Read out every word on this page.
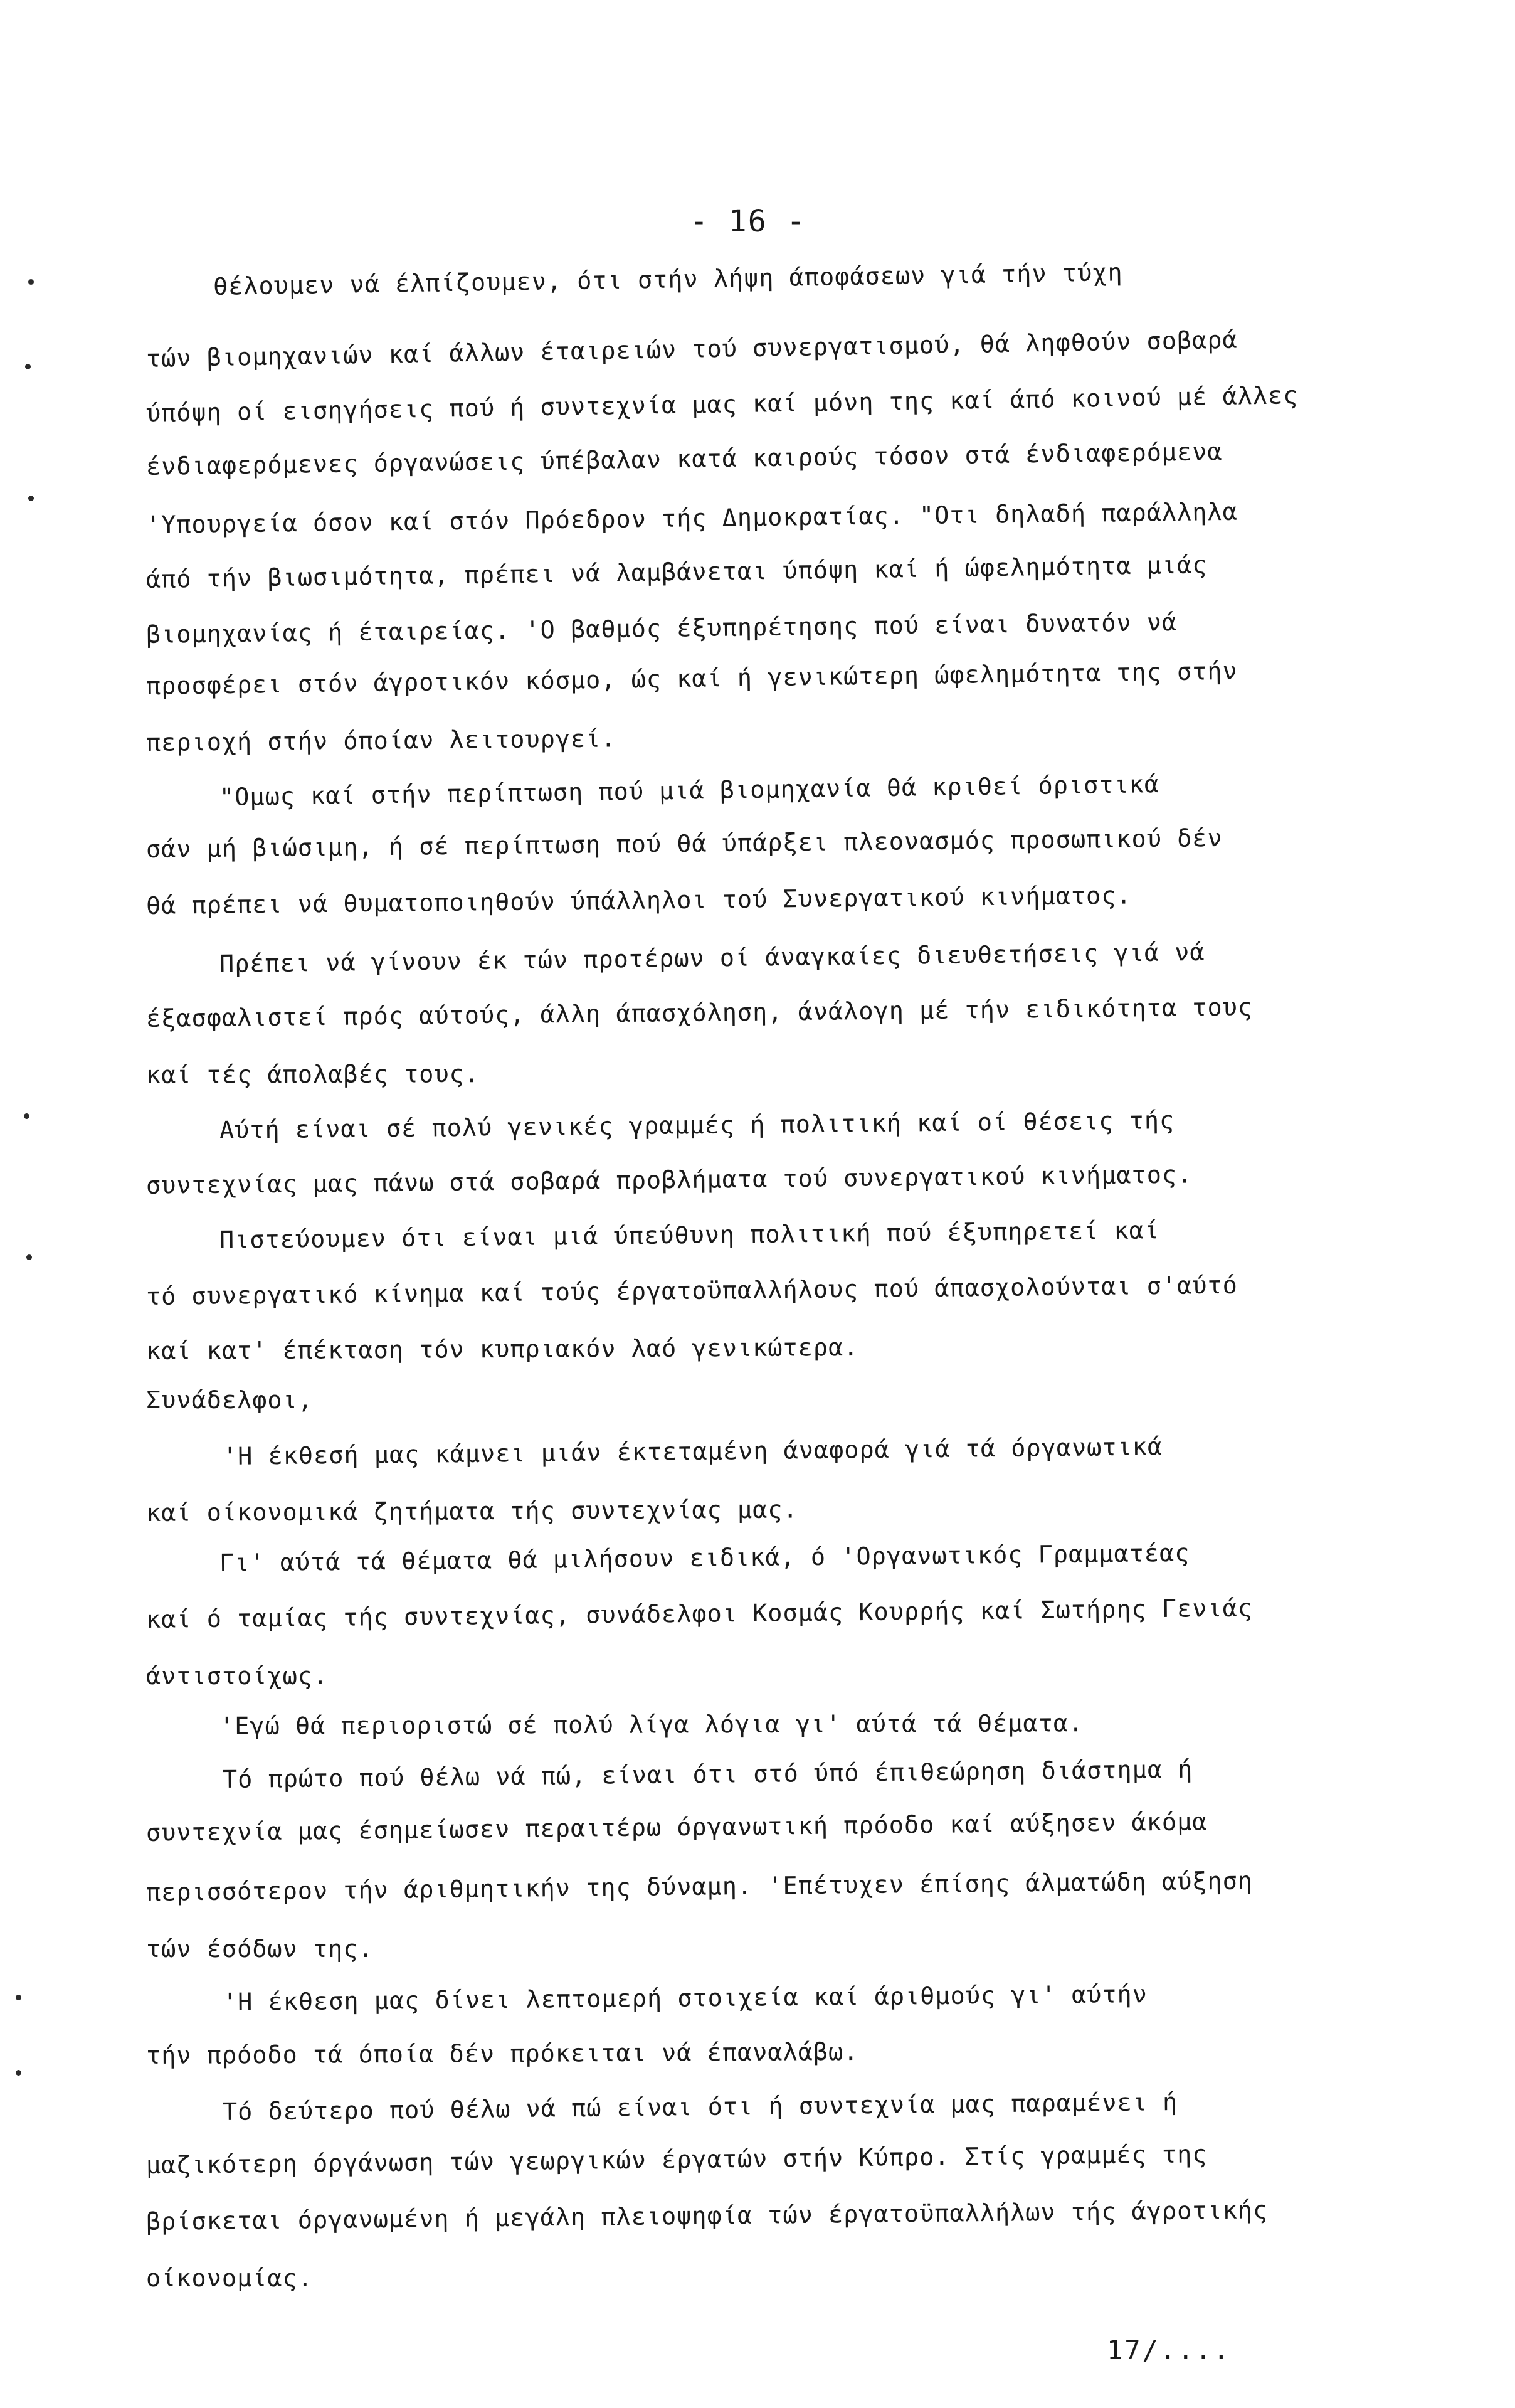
- 16 -
θέλουμεν νά έλπίζουμεν, ότι στήν λήψη άποφάσεων γιά τήν τύχη
τών βιομηχανιών καί άλλων έταιρειών τού συνεργατισμού, θά ληφθούν σοβαρά
ύπόψη οί εισηγήσεις πού ή συντεχνία μας καί μόνη της καί άπό κοινού μέ άλλες
ένδιαφερόμενες όργανώσεις ύπέβαλαν κατά καιρούς τόσον στά ένδιαφερόμενα
'Υπουργεία όσον καί στόν Πρόεδρον τής Δημοκρατίας. "Οτι δηλαδή παράλληλα
άπό τήν βιωσιμότητα, πρέπει νά λαμβάνεται ύπόψη καί ή ώφελημότητα μιάς
βιομηχανίας ή έταιρείας. 'Ο βαθμός έξυπηρέτησης πού είναι δυνατόν νά
προσφέρει στόν άγροτικόν κόσμο, ώς καί ή γενικώτερη ώφελημότητα της στήν
περιοχή στήν όποίαν λειτουργεί.
"Ομως καί στήν περίπτωση πού μιά βιομηχανία θά κριθεί όριστικά
σάν μή βιώσιμη, ή σέ περίπτωση πού θά ύπάρξει πλεονασμός προσωπικού δέν
θά πρέπει νά θυματοποιηθούν ύπάλληλοι τού Συνεργατικού κινήματος.
Πρέπει νά γίνουν έκ τών προτέρων οί άναγκαίες διευθετήσεις γιά νά
έξασφαλιστεί πρός αύτούς, άλλη άπασχόληση, άνάλογη μέ τήν ειδικότητα τους
καί τές άπολαβές τους.
Αύτή είναι σέ πολύ γενικές γραμμές ή πολιτική καί οί θέσεις τής
συντεχνίας μας πάνω στά σοβαρά προβλήματα τού συνεργατικού κινήματος.
Πιστεύουμεν ότι είναι μιά ύπεύθυνη πολιτική πού έξυπηρετεί καί
τό συνεργατικό κίνημα καί τούς έργατοϋπαλλήλους πού άπασχολούνται σ'αύτό
καί κατ' έπέκταση τόν κυπριακόν λαό γενικώτερα.
Συνάδελφοι,
'Η έκθεσή μας κάμνει μιάν έκτεταμένη άναφορά γιά τά όργανωτικά
καί οίκονομικά ζητήματα τής συντεχνίας μας.
Γι' αύτά τά θέματα θά μιλήσουν ειδικά, ό 'Οργανωτικός Γραμματέας
καί ό ταμίας τής συντεχνίας, συνάδελφοι Κοσμάς Κουρρής καί Σωτήρης Γενιάς
άντιστοίχως.
'Εγώ θά περιοριστώ σέ πολύ λίγα λόγια γι' αύτά τά θέματα.
Τό πρώτο πού θέλω νά πώ, είναι ότι στό ύπό έπιθεώρηση διάστημα ή
συντεχνία μας έσημείωσεν περαιτέρω όργανωτική πρόοδο καί αύξησεν άκόμα
περισσότερον τήν άριθμητικήν της δύναμη. 'Επέτυχεν έπίσης άλματώδη αύξηση
τών έσόδων της.
'Η έκθεση μας δίνει λεπτομερή στοιχεία καί άριθμούς γι' αύτήν
τήν πρόοδο τά όποία δέν πρόκειται νά έπαναλάβω.
Τό δεύτερο πού θέλω νά πώ είναι ότι ή συντεχνία μας παραμένει ή
μαζικότερη όργάνωση τών γεωργικών έργατών στήν Κύπρο. Στίς γραμμές της
βρίσκεται όργανωμένη ή μεγάλη πλειοψηφία τών έργατοϋπαλλήλων τής άγροτικής
οίκονομίας.
17/....
